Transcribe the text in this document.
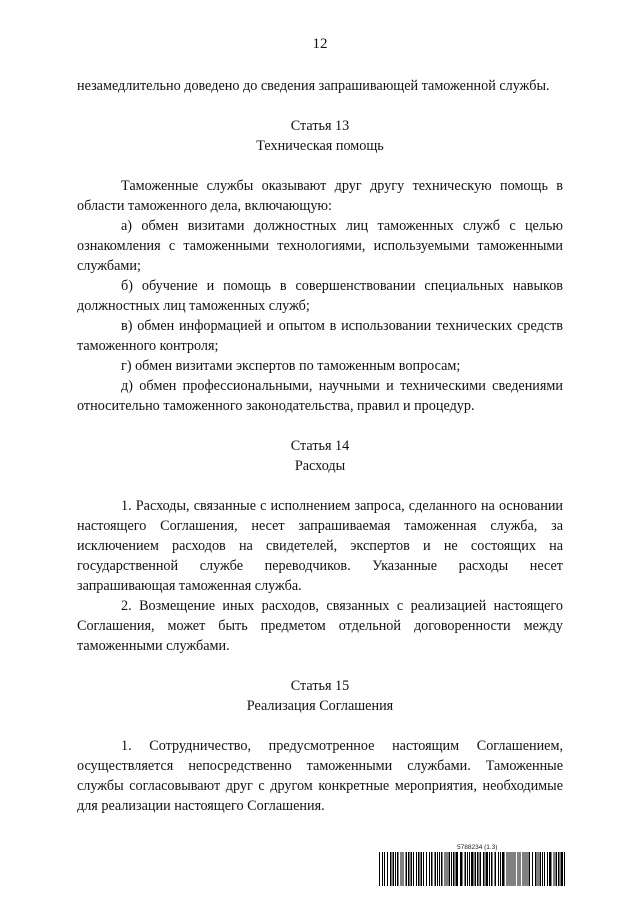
12

незамедлительно доведено до сведения запрашивающей таможенной службы.

Статья 13
Техническая помощь

Таможенные службы оказывают друг другу техническую помощь в области таможенного дела, включающую:

а) обмен визитами должностных лиц таможенных служб с целью ознакомления с таможенными технологиями, используемыми таможенными службами;

б) обучение и помощь в совершенствовании специальных навыков должностных лиц таможенных служб;

в) обмен информацией и опытом в использовании технических средств таможенного контроля;

г) обмен визитами экспертов по таможенным вопросам;

д) обмен профессиональными, научными и техническими сведениями относительно таможенного законодательства, правил и процедур.

Статья 14
Расходы

1. Расходы, связанные с исполнением запроса, сделанного на основании настоящего Соглашения, несет запрашиваемая таможенная служба, за исключением расходов на свидетелей, экспертов и не состоящих на государственной службе переводчиков. Указанные расходы несет запрашивающая таможенная служба.

2. Возмещение иных расходов, связанных с реализацией настоящего Соглашения, может быть предметом отдельной договоренности между таможенными службами.

Статья 15
Реализация Соглашения

1. Сотрудничество, предусмотренное настоящим Соглашением, осуществляется непосредственно таможенными службами. Таможенные службы согласовывают друг с другом конкретные мероприятия, необходимые для реализации настоящего Соглашения.

5788234 (1.3)
